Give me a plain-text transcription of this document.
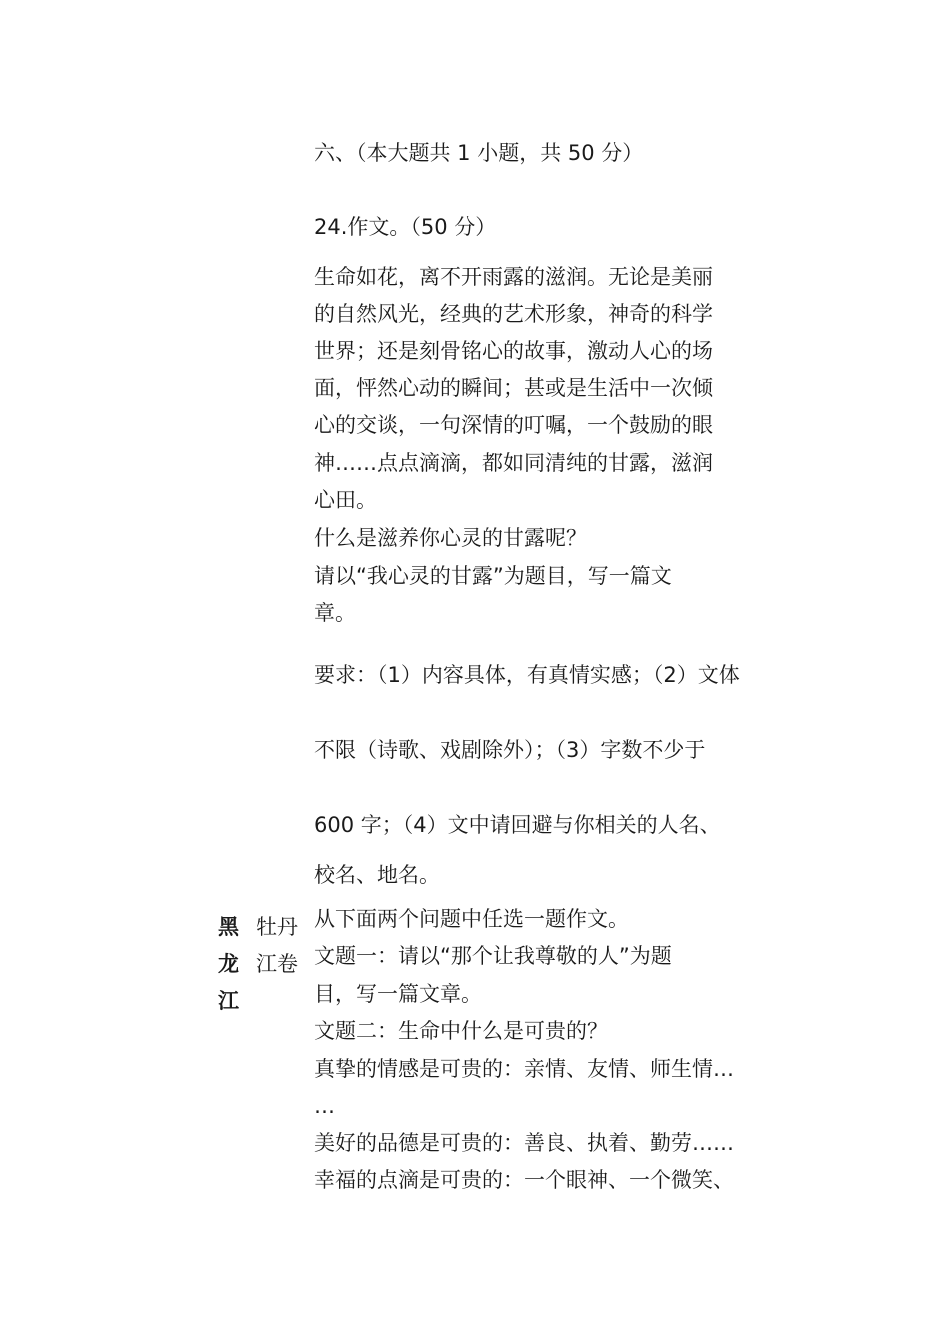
六、（本大题共 1 小题，共 50 分）
24.作文。（50 分）
生命如花，离不开雨露的滋润。无论是美丽
的自然风光，经典的艺术形象，神奇的科学
世界；还是刻骨铭心的故事，激动人心的场
面，怦然心动的瞬间；甚或是生活中一次倾
心的交谈，一句深情的叮嘱，一个鼓励的眼
神……点点滴滴，都如同清纯的甘露，滋润
心田。
什么是滋养你心灵的甘露呢？
请以“我心灵的甘露”为题目，写一篇文
章。
要求：（1）内容具体，有真情实感；（2）文体
不限（诗歌、戏剧除外）；（3）字数不少于
600 字；（4）文中请回避与你相关的人名、
校名、地名。
黑
龙
江
牡丹
江卷
从下面两个问题中任选一题作文。
文题一：请以“那个让我尊敬的人”为题
目，写一篇文章。
文题二：生命中什么是可贵的？
真挚的情感是可贵的：亲情、友情、师生情…
…
美好的品德是可贵的：善良、执着、勤劳……
幸福的点滴是可贵的：一个眼神、一个微笑、
